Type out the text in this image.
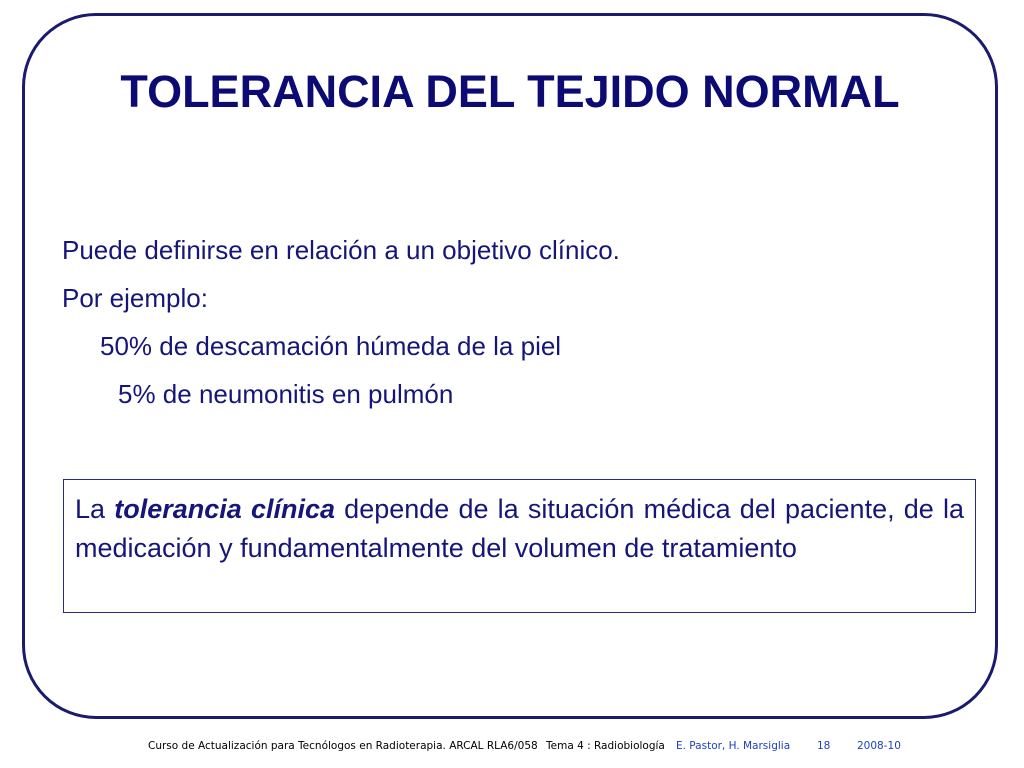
TOLERANCIA DEL TEJIDO NORMAL
Puede definirse en relación a un objetivo clínico.
Por ejemplo:
50% de descamación húmeda de la piel
5% de neumonitis en pulmón

La tolerancia clínica depende de la situación médica del paciente, de la medicación y fundamentalmente del volumen de tratamiento

Curso de Actualización para Tecnólogos en Radioterapia. ARCAL RLA6/058 Tema 4 : Radiobiología E. Pastor, H. Marsiglia	18	2008-10
